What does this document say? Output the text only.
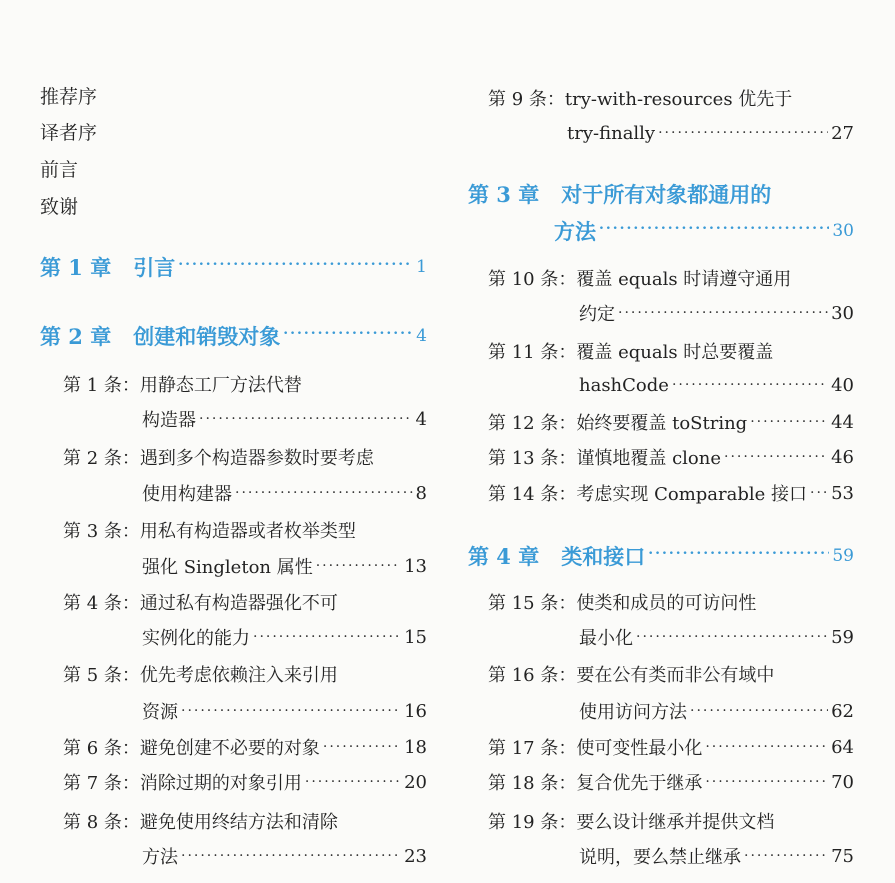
推荐序
译者序
前言
致谢
第 1 章 引言 .....	1
第 2 章 创建和销毁对象 .....	4
第 1 条： 用静态工厂方法代替
构造器 .....	4
第 2 条： 遇到多个构造器参数时要考虑
使用构建器 .....	8
第 3 条： 用私有构造器或者枚举类型
强化 Singleton 属性 .....	13
第 4 条： 通过私有构造器强化不可
实例化的能力 .....	15
第 5 条： 优先考虑依赖注入来引用
资源 .....	16
第 6 条： 避免创建不必要的对象 .....	18
第 7 条： 消除过期的对象引用 .....	20
第 8 条： 避免使用终结方法和清除
方法 .....	23
第 9 条： try-with-resources 优先于
try-finally .....	27
第 3 章 对于所有对象都通用的
方法 .....	30
第 10 条： 覆盖 equals 时请遵守通用
约定 .....	30
第 11 条： 覆盖 equals 时总要覆盖
hashCode .....	40
第 12 条： 始终要覆盖 toString .....	44
第 13 条： 谨慎地覆盖 clone .....	46
第 14 条： 考虑实现 Comparable 接口 ..... 53
第 4 章 类和接口 .....	59
第 15 条： 使类和成员的可访问性
最小化 .....	59
第 16 条： 要在公有类而非公有域中
使用访问方法 .....	62
第 17 条： 使可变性最小化 .....	64
第 18 条： 复合优先于继承 .....	70
第 19 条： 要么设计继承并提供文档
说明，要么禁止继承 .....	75
